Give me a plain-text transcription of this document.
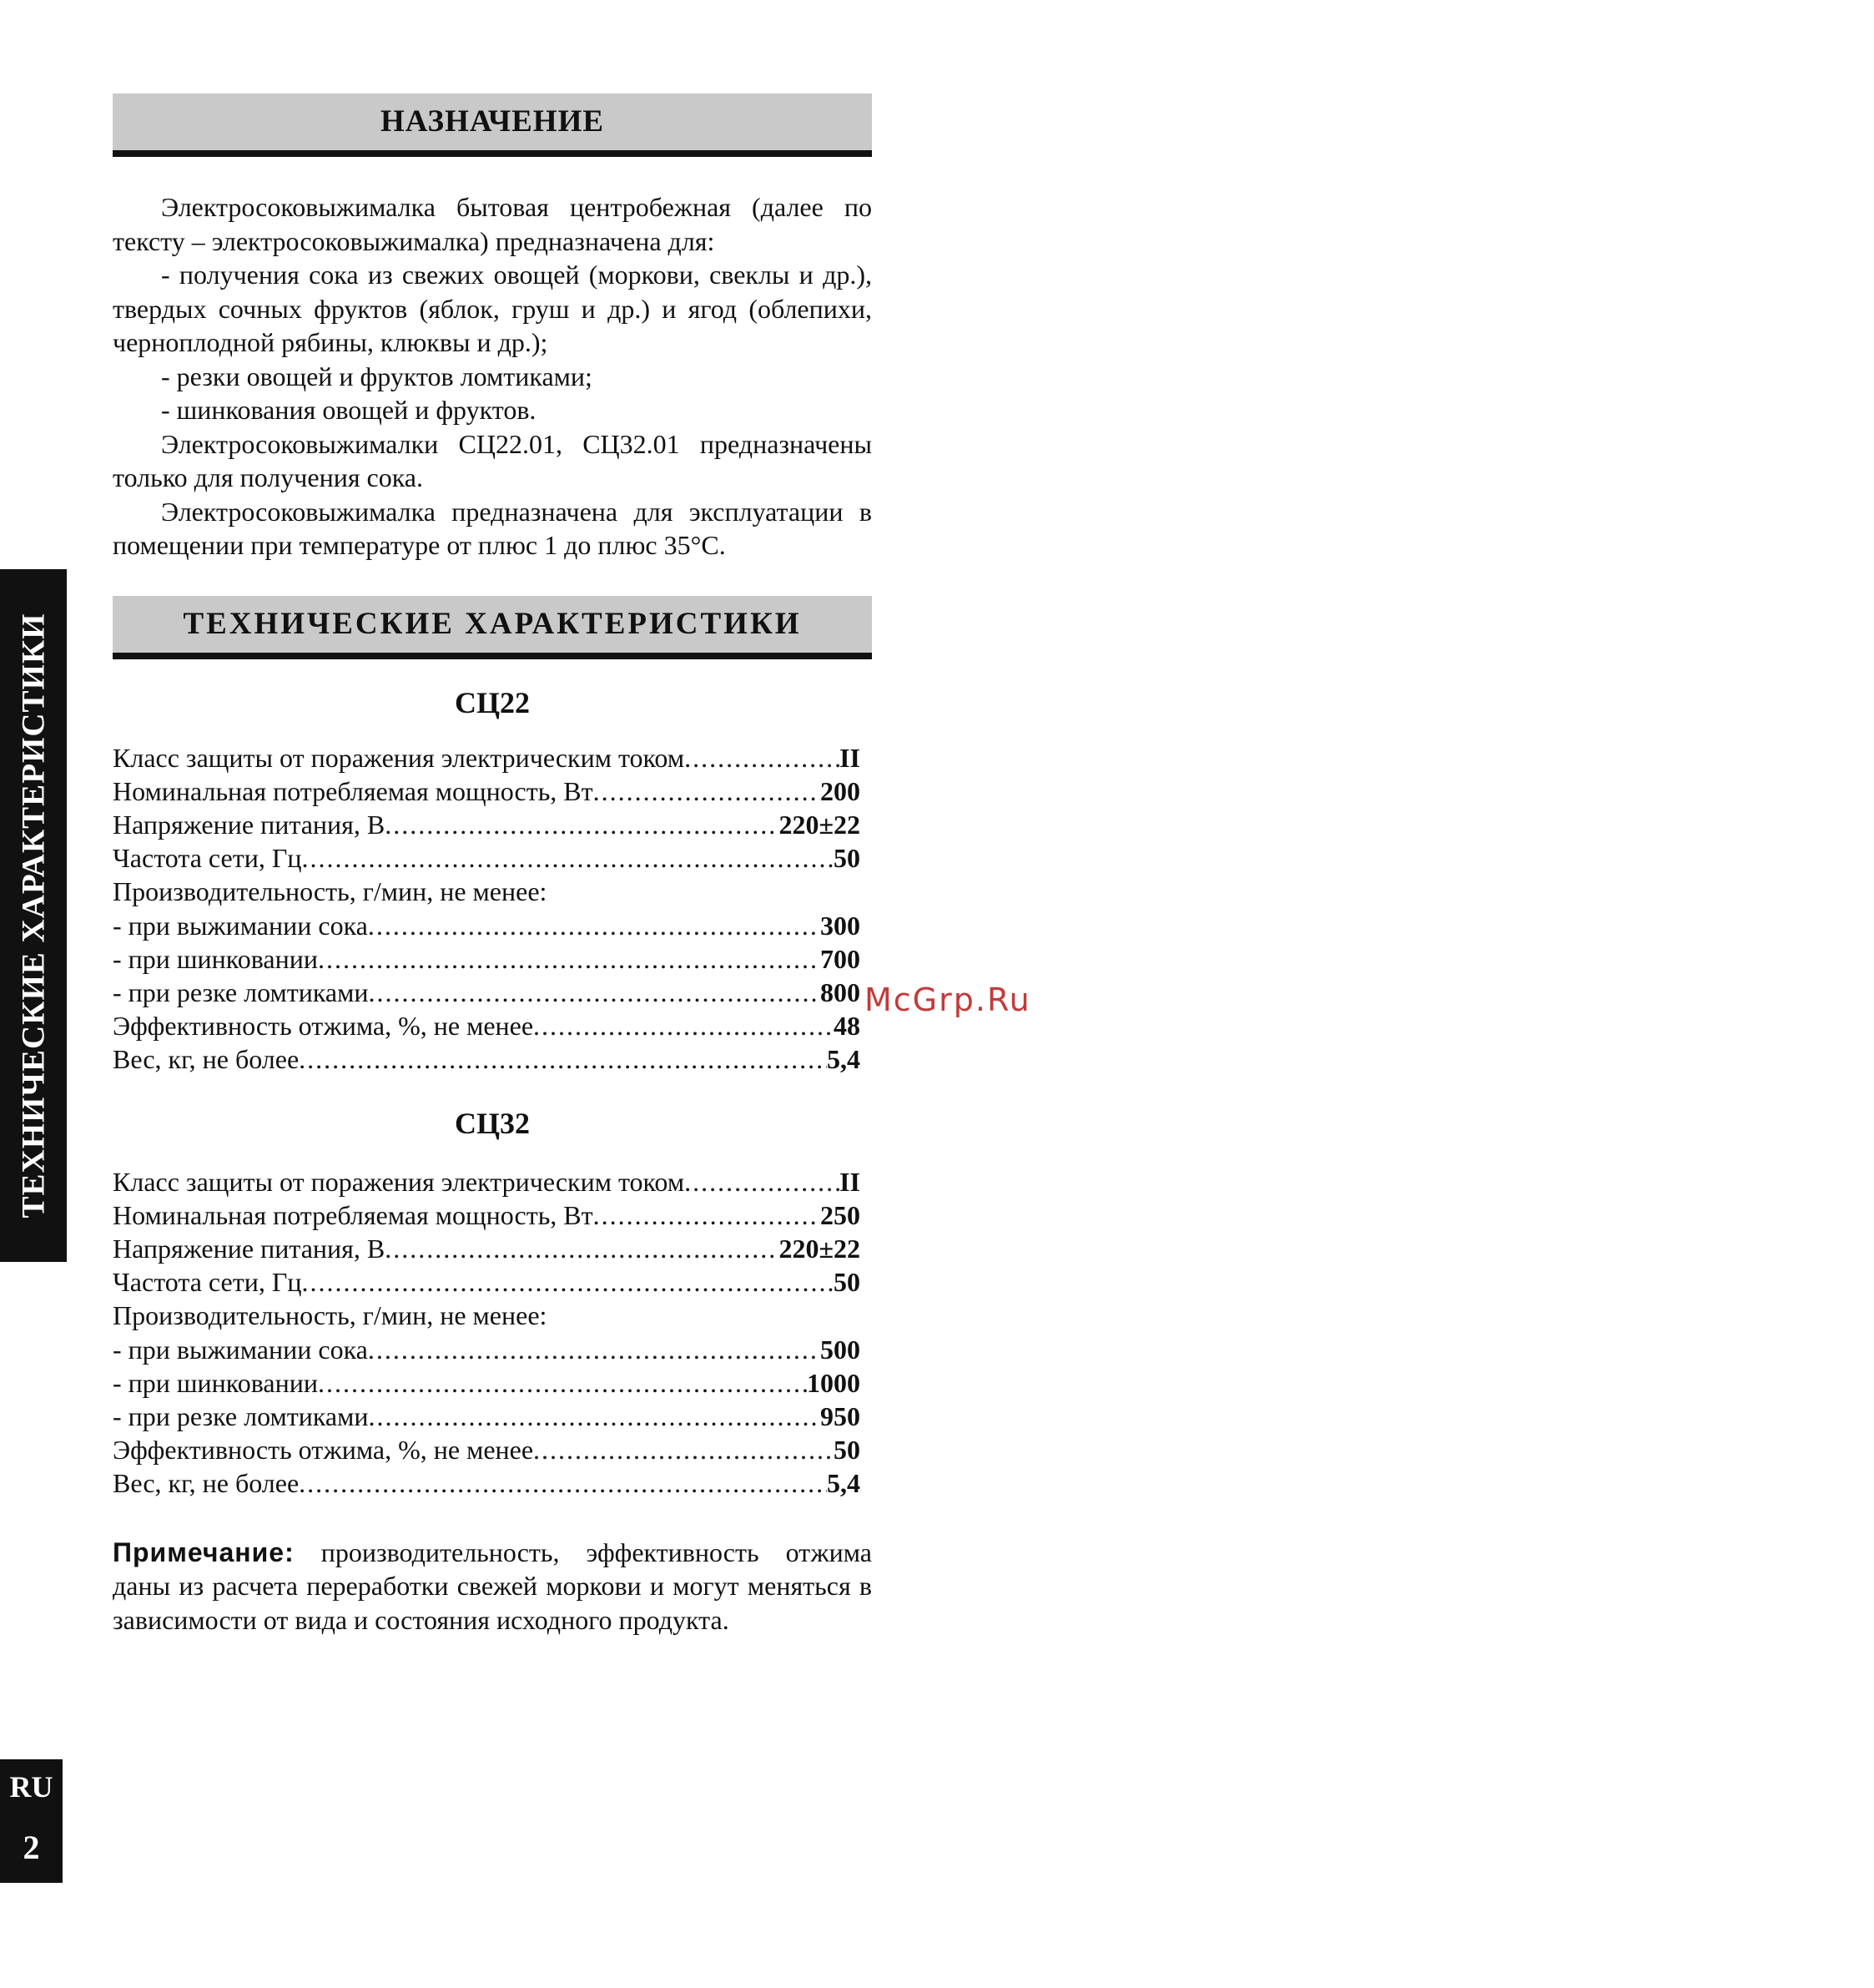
ТЕХНИЧЕСКИЕ ХАРАКТЕРИСТИКИ
НАЗНАЧЕНИЕ

Электросоковыжималка бытовая центробежная (далее по тексту – электросоковыжималка) предназначена для:

- получения сока из свежих овощей (моркови, свеклы и др.), твердых сочных фруктов (яблок, груш и др.) и ягод (облепихи, черноплодной рябины, клюквы и др.);

- резки овощей и фруктов ломтиками;

- шинкования овощей и фруктов.

Электросоковыжималки СЦ22.01, СЦ32.01 предназначены только для получения сока.

Электросоковыжималка предназначена для эксплуатации в помещении при температуре от плюс 1 до плюс 35°С.

ТЕХНИЧЕСКИЕ ХАРАКТЕРИСТИКИ
СЦ22
Класс защиты от поражения электрическим током .....	II
Номинальная потребляемая мощность, Вт .....	200
Напряжение питания, В .....	220±22
Частота сети, Гц .....	50
Производительность, г/мин, не менее:
- при выжимании сока .....	300
- при шинковании .....	700
- при резке ломтиками .....	800
Эффективность отжима, %, не менее .....	48
Вес, кг, не более .....	5,4
СЦ32
Класс защиты от поражения электрическим током .....	II
Номинальная потребляемая мощность, Вт .....	250
Напряжение питания, В .....	220±22
Частота сети, Гц .....	50
Производительность, г/мин, не менее:
- при выжимании сока .....	500
- при шинковании .....	1000
- при резке ломтиками .....	950
Эффективность отжима, %, не менее .....	50
Вес, кг, не более .....	5,4
Примечание: производительность, эффективность отжима даны из расчета переработки свежей моркови и могут меняться в зависимости от вида и состояния исходного продукта.
McGrp.Ru
RU
2
